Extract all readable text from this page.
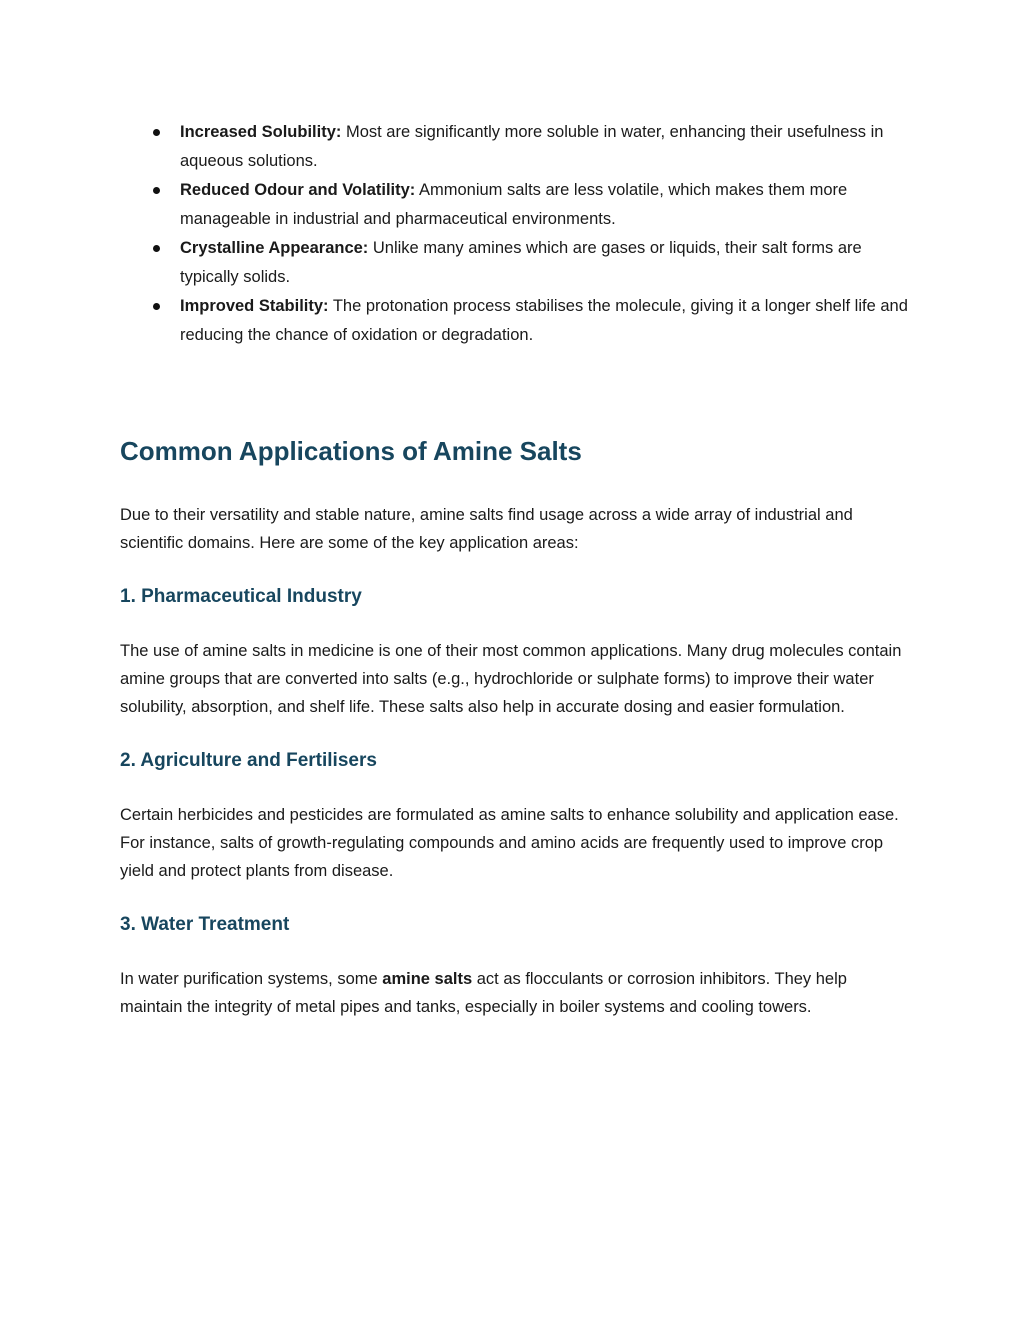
Increased Solubility: Most are significantly more soluble in water, enhancing their usefulness in aqueous solutions.
Reduced Odour and Volatility: Ammonium salts are less volatile, which makes them more manageable in industrial and pharmaceutical environments.
Crystalline Appearance: Unlike many amines which are gases or liquids, their salt forms are typically solids.
Improved Stability: The protonation process stabilises the molecule, giving it a longer shelf life and reducing the chance of oxidation or degradation.
Common Applications of Amine Salts

Due to their versatility and stable nature, amine salts find usage across a wide array of industrial and scientific domains. Here are some of the key application areas:

1. Pharmaceutical Industry

The use of amine salts in medicine is one of their most common applications. Many drug molecules contain amine groups that are converted into salts (e.g., hydrochloride or sulphate forms) to improve their water solubility, absorption, and shelf life. These salts also help in accurate dosing and easier formulation.

2. Agriculture and Fertilisers

Certain herbicides and pesticides are formulated as amine salts to enhance solubility and application ease. For instance, salts of growth-regulating compounds and amino acids are frequently used to improve crop yield and protect plants from disease.

3. Water Treatment

In water purification systems, some amine salts act as flocculants or corrosion inhibitors. They help maintain the integrity of metal pipes and tanks, especially in boiler systems and cooling towers.
